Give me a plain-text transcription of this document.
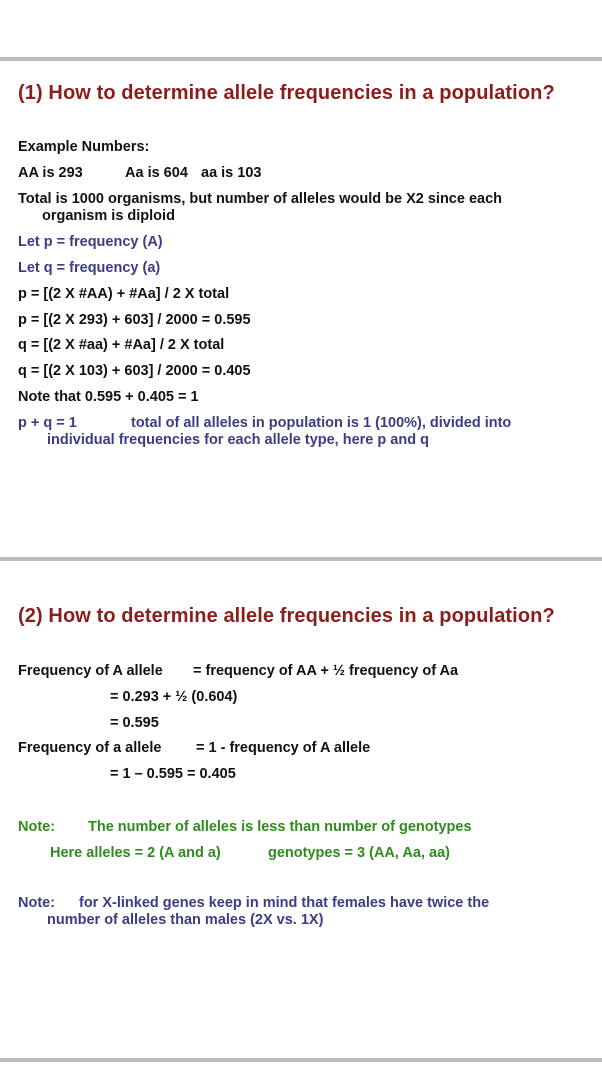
(1) How to determine allele frequencies in a population?
Example Numbers:
AA is 293	Aa is 604 aa is 103
Total is 1000 organisms, but number of alleles would be X2 since each
organism is diploid
Let p = frequency (A)
Let q = frequency (a)
p = [(2 X #AA) + #Aa] / 2 X total
p = [(2 X 293) + 603] / 2000 = 0.595
q = [(2 X #aa) + #Aa] / 2 X total
q = [(2 X 103) + 603] / 2000 = 0.405
Note that 0.595 + 0.405 = 1
p + q = 1	total of all alleles in population is 1 (100%), divided into
individual frequencies for each allele type, here p and q
(2) How to determine allele frequencies in a population?
Frequency of A allele = frequency of AA + ½ frequency of Aa
= 0.293 + ½ (0.604)
= 0.595
Frequency of a allele = 1 - frequency of A allele
= 1 – 0.595 = 0.405
Note: The number of alleles is less than number of genotypes
Here alleles = 2 (A and a)	genotypes = 3 (AA, Aa, aa)
Note: for X-linked genes keep in mind that females have twice the
number of alleles than males (2X vs. 1X)
